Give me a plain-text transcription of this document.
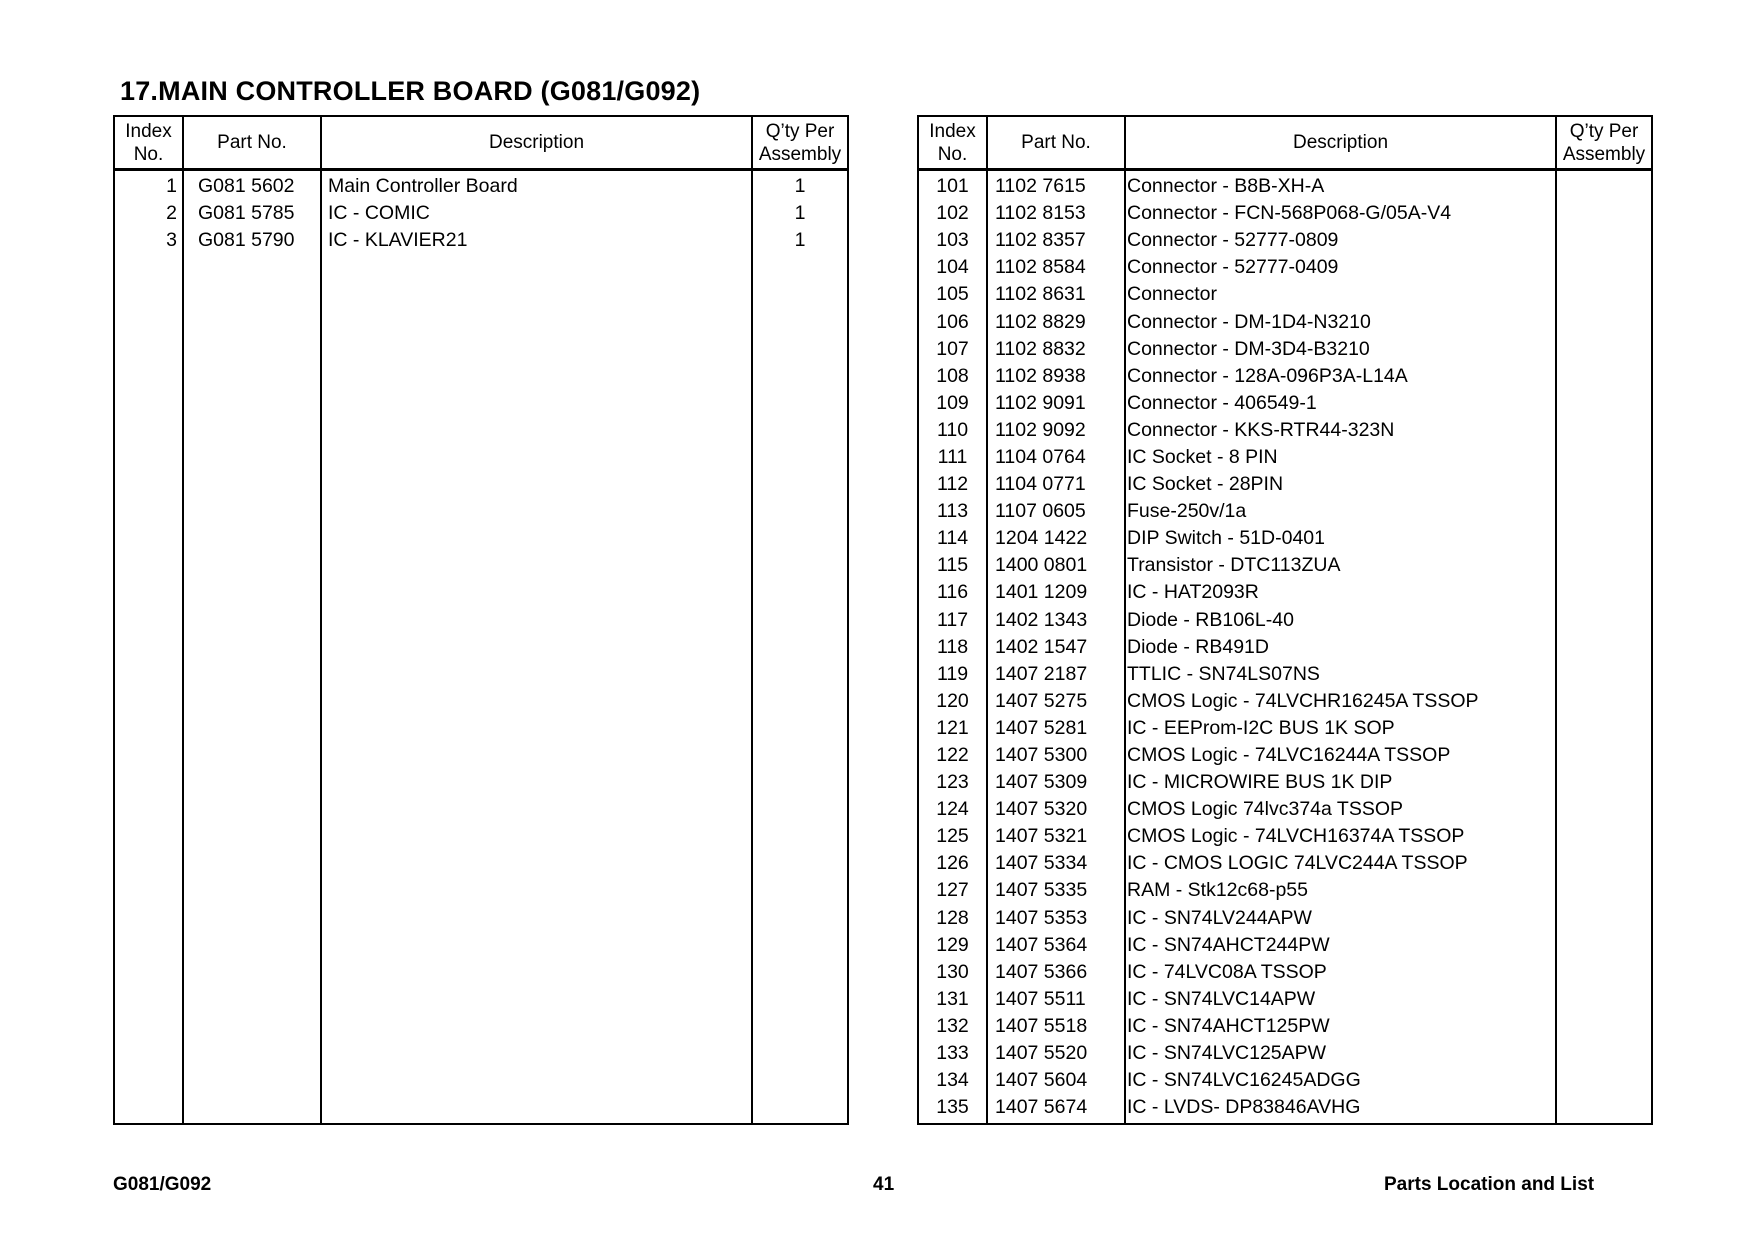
17.MAIN CONTROLLER BOARD (G081/G092)
Index No.	Part No.	Description	Q’ty Per Assembly
1	G081 5602	Main Controller Board	1
2	G081 5785	IC - COMIC	1
3	G081 5790	IC - KLAVIER21	1

Index No.	Part No.	Description	Q’ty Per Assembly
101	1102 7615	Connector - B8B-XH-A	
102	1102 8153	Connector - FCN-568P068-G/05A-V4	
103	1102 8357	Connector - 52777-0809	
104	1102 8584	Connector - 52777-0409	
105	1102 8631	Connector	
106	1102 8829	Connector - DM-1D4-N3210	
107	1102 8832	Connector - DM-3D4-B3210	
108	1102 8938	Connector - 128A-096P3A-L14A	
109	1102 9091	Connector - 406549-1	
110	1102 9092	Connector - KKS-RTR44-323N	
111	1104 0764	IC Socket - 8 PIN	
112	1104 0771	IC Socket - 28PIN	
113	1107 0605	Fuse-250v/1a	
114	1204 1422	DIP Switch - 51D-0401	
115	1400 0801	Transistor - DTC113ZUA	
116	1401 1209	IC - HAT2093R	
117	1402 1343	Diode - RB106L-40	
118	1402 1547	Diode - RB491D	
119	1407 2187	TTLIC - SN74LS07NS	
120	1407 5275	CMOS Logic - 74LVCHR16245A TSSOP	
121	1407 5281	IC - EEProm-I2C BUS 1K SOP	
122	1407 5300	CMOS Logic - 74LVC16244A TSSOP	
123	1407 5309	IC - MICROWIRE BUS 1K DIP	
124	1407 5320	CMOS Logic 74lvc374a TSSOP	
125	1407 5321	CMOS Logic - 74LVCH16374A TSSOP	
126	1407 5334	IC - CMOS LOGIC 74LVC244A TSSOP	
127	1407 5335	RAM - Stk12c68-p55	
128	1407 5353	IC - SN74LV244APW	
129	1407 5364	IC - SN74AHCT244PW	
130	1407 5366	IC - 74LVC08A TSSOP	
131	1407 5511	IC - SN74LVC14APW	
132	1407 5518	IC - SN74AHCT125PW	
133	1407 5520	IC - SN74LVC125APW	
134	1407 5604	IC - SN74LVC16245ADGG	
135	1407 5674	IC - LVDS- DP83846AVHG	
G081/G092	41	Parts Location and List
